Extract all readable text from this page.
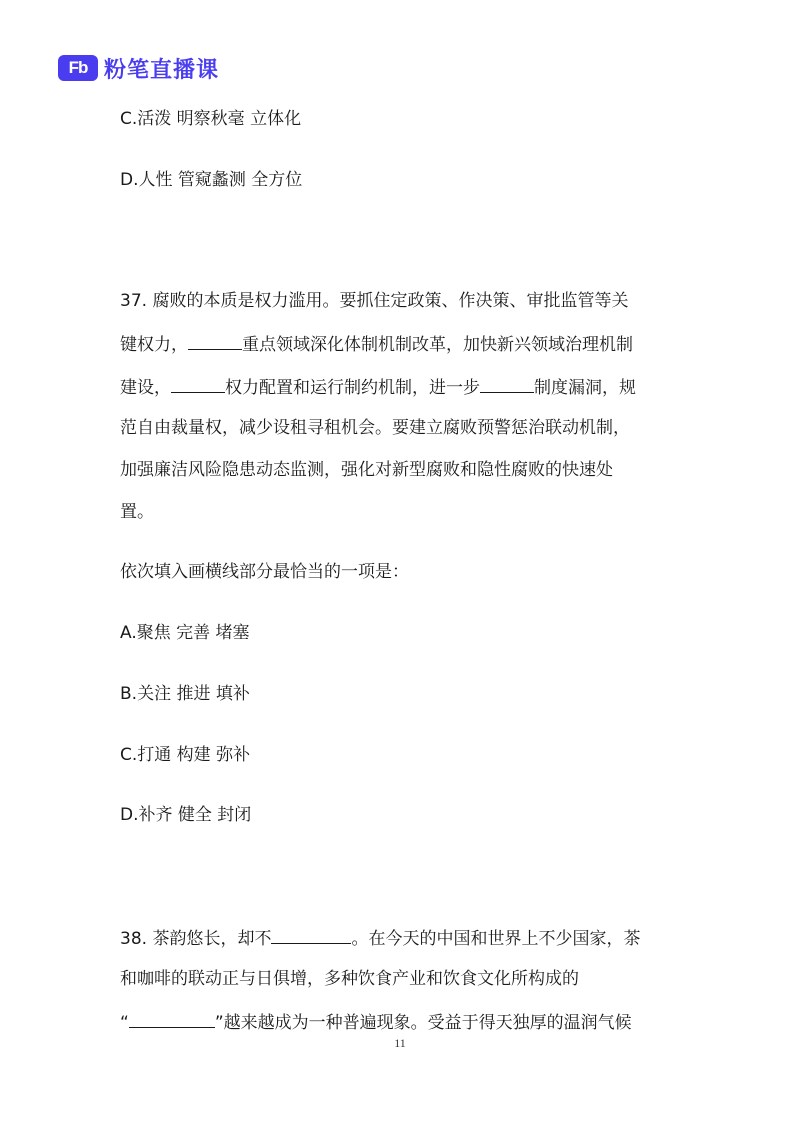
Fb 粉笔直播课
C.活泼 明察秋毫 立体化
D.人性 管窥蠡测 全方位
37. 腐败的本质是权力滥用。要抓住定政策、作决策、审批监管等关
键权力，	重点领域深化体制机制改革，加快新兴领域治理机制
建设，	权力配置和运行制约机制，进一步	制度漏洞，规
范自由裁量权，减少设租寻租机会。要建立腐败预警惩治联动机制，
加强廉洁风险隐患动态监测，强化对新型腐败和隐性腐败的快速处
置。
依次填入画横线部分最恰当的一项是：
A.聚焦 完善 堵塞
B.关注 推进 填补
C.打通 构建 弥补
D.补齐 健全 封闭
38. 茶韵悠长，却不	。在今天的中国和世界上不少国家，茶
和咖啡的联动正与日俱增，多种饮食产业和饮食文化所构成的
“	”越来越成为一种普遍现象。受益于得天独厚的温润气候
11
